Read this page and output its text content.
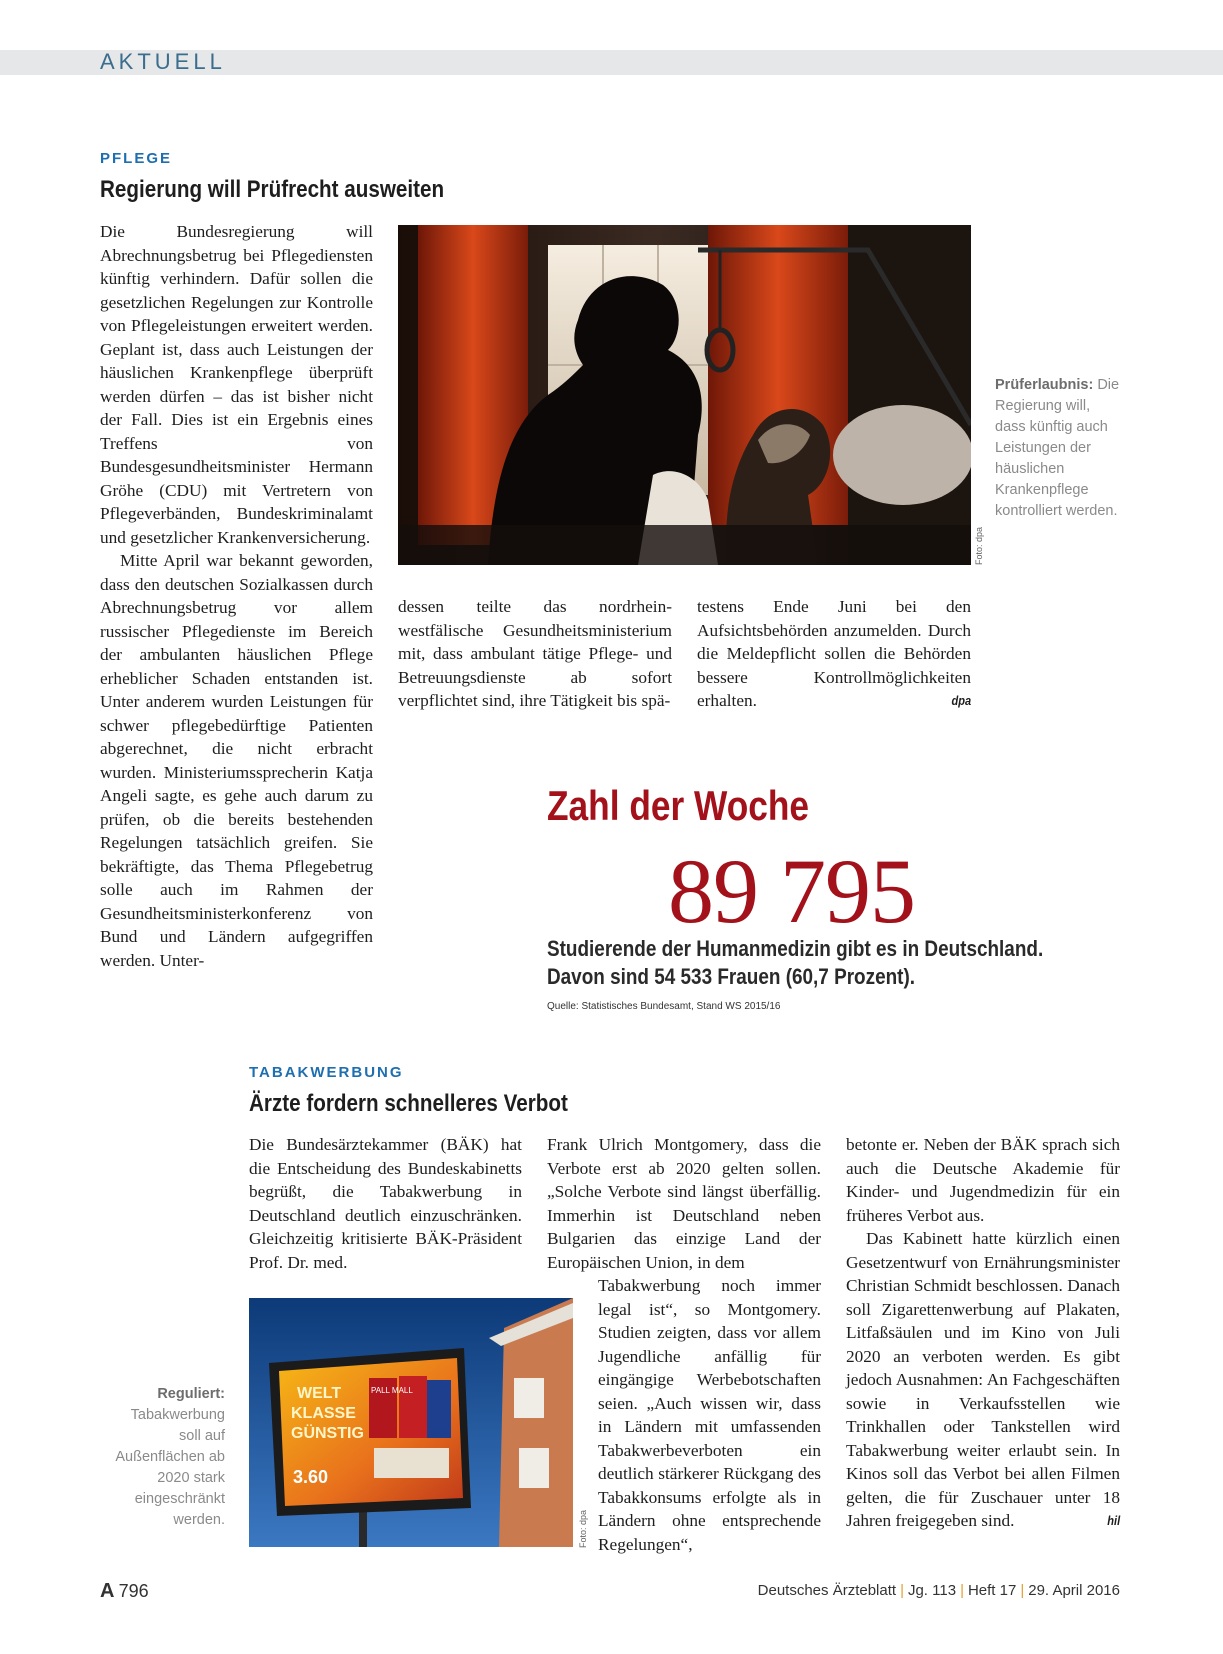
AKTUELL
PFLEGE
Regierung will Prüfrecht ausweiten

Die Bundesregierung will Abrechnungsbetrug bei Pflegediensten künftig verhindern. Dafür sollen die gesetzlichen Regelungen zur Kontrolle von Pflegeleistungen erweitert werden. Geplant ist, dass auch Leistungen der häuslichen Krankenpflege überprüft werden dürfen – das ist bisher nicht der Fall. Dies ist ein Ergebnis eines Treffens von Bundesgesundheitsminister Hermann Gröhe (CDU) mit Vertretern von Pflegeverbänden, Bundeskriminalamt und gesetzlicher Krankenversicherung.

Mitte April war bekannt geworden, dass den deutschen Sozialkassen durch Abrechnungsbetrug vor allem russischer Pflegedienste im Bereich der ambulanten häuslichen Pflege erheblicher Schaden entstanden ist. Unter anderem wurden Leistungen für schwer pflegebedürftige Patienten abgerechnet, die nicht erbracht wurden. Ministeriumssprecherin Katja Angeli sagte, es gehe auch darum zu prüfen, ob die bereits bestehenden Regelungen tatsächlich greifen. Sie bekräftigte, das Thema Pflegebetrug solle auch im Rahmen der Gesundheitsministerkonferenz von Bund und Ländern aufgegriffen werden. Unter-

Foto: dpa
Prüferlaubnis: Die Regierung will, dass künftig auch Leistungen der häuslichen Krankenpflege kontrolliert werden.

dessen teilte das nordrhein-westfälische Gesundheitsministerium mit, dass ambulant tätige Pflege- und Betreuungsdienste ab sofort verpflichtet sind, ihre Tätigkeit bis spä-

testens Ende Juni bei den Aufsichtsbehörden anzumelden. Durch die Meldepflicht sollen die Behörden bessere Kontrollmöglichkeiten erhalten.	dpa

Zahl der Woche
89 795
Studierende der Humanmedizin gibt es in Deutschland.
Davon sind 54 533 Frauen (60,7 Prozent).
Quelle: Statistisches Bundesamt, Stand WS 2015/16
TABAKWERBUNG
Ärzte fordern schnelleres Verbot

Die Bundesärztekammer (BÄK) hat die Entscheidung des Bundeskabinetts begrüßt, die Tabakwerbung in Deutschland deutlich einzuschränken. Gleichzeitig kritisierte BÄK-Präsident Prof. Dr. med.

WELT
KLASSE
GÜNSTIG
3.60
PALL MALL
Foto: dpa
Reguliert: Tabakwerbung soll auf Außenflächen ab 2020 stark eingeschränkt werden.

Frank Ulrich Montgomery, dass die Verbote erst ab 2020 gelten sollen. „Solche Verbote sind längst überfällig. Immerhin ist Deutschland neben Bulgarien das einzige Land der Europäischen Union, in dem

Tabakwerbung noch immer legal ist“, so Montgomery. Studien zeigten, dass vor allem Jugendliche anfällig für eingängige Werbebotschaften seien. „Auch wissen wir, dass in Ländern mit umfassenden Tabakwerbeverboten ein deutlich stärkerer Rückgang des Tabakkonsums erfolgte als in Ländern ohne entsprechende Regelungen“,

betonte er. Neben der BÄK sprach sich auch die Deutsche Akademie für Kinder- und Jugendmedizin für ein früheres Verbot aus.

Das Kabinett hatte kürzlich einen Gesetzentwurf von Ernährungsminister Christian Schmidt beschlossen. Danach soll Zigarettenwerbung auf Plakaten, Litfaßsäulen und im Kino von Juli 2020 an verboten werden. Es gibt jedoch Ausnahmen: An Fachgeschäften sowie in Verkaufsstellen wie Trinkhallen oder Tankstellen wird Tabakwerbung weiter erlaubt sein. In Kinos soll das Verbot bei allen Filmen gelten, die für Zuschauer unter 18 Jahren freigegeben sind.	hil

A 796	Deutsches Ärzteblatt | Jg. 113 | Heft 17 | 29. April 2016
